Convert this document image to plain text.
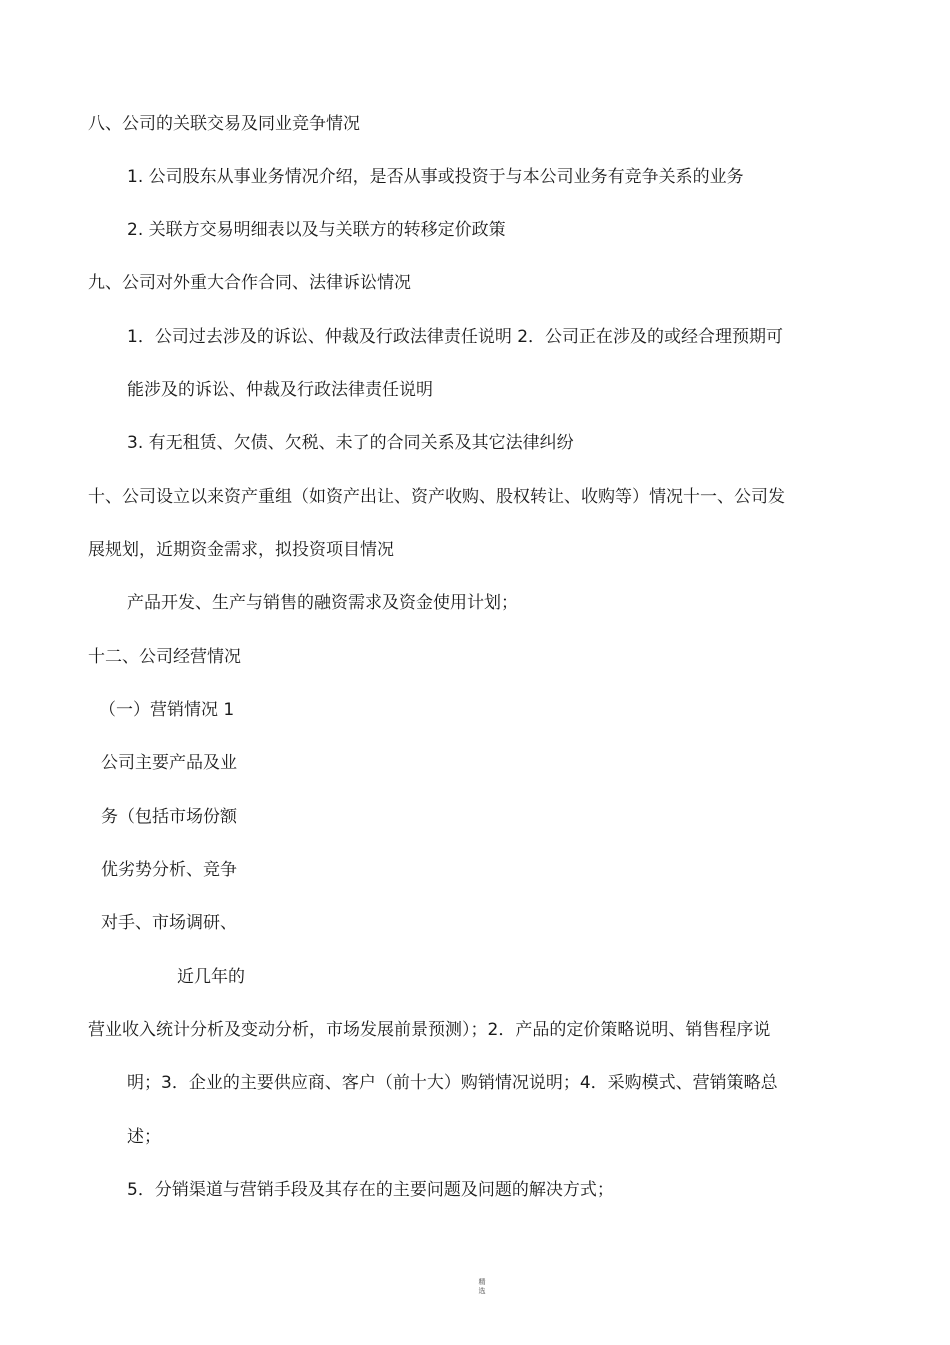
八、公司的关联交易及同业竞争情况
1. 公司股东从事业务情况介绍，是否从事或投资于与本公司业务有竞争关系的业务
2. 关联方交易明细表以及与关联方的转移定价政策
九、公司对外重大合作合同、法律诉讼情况
1．公司过去涉及的诉讼、仲裁及行政法律责任说明 2．公司正在涉及的或经合理预期可
能涉及的诉讼、仲裁及行政法律责任说明
3. 有无租赁、欠债、欠税、未了的合同关系及其它法律纠纷
十、公司设立以来资产重组（如资产出让、资产收购、股权转让、收购等）情况十一、公司发
展规划，近期资金需求，拟投资项目情况
产品开发、生产与销售的融资需求及资金使用计划；
十二、公司经营情况
（一）营销情况 1
公司主要产品及业
务（包括市场份额
优劣势分析、竞争
对手、市场调研、
近几年的
营业收入统计分析及变动分析，市场发展前景预测）；2．产品的定价策略说明、销售程序说
明；3．企业的主要供应商、客户（前十大）购销情况说明；4．采购模式、营销策略总
述；
5．分销渠道与营销手段及其存在的主要问题及问题的解决方式；
精
选
